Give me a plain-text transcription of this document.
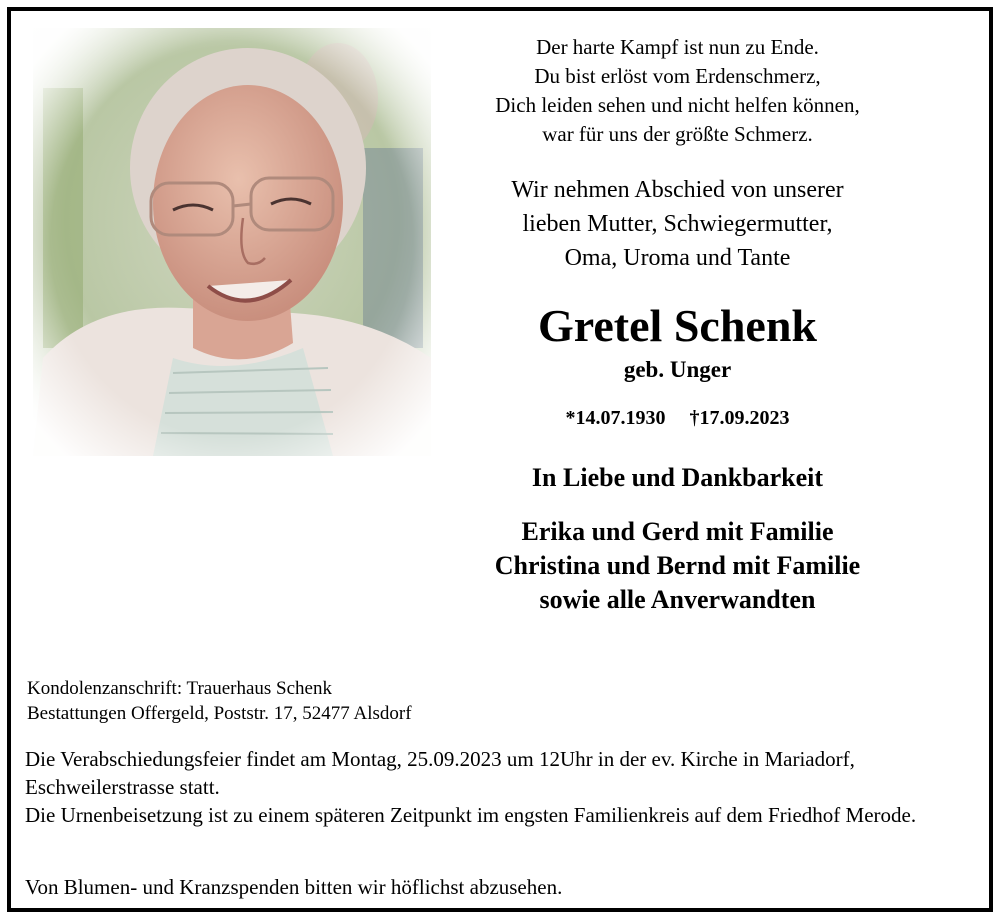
Der harte Kampf ist nun zu Ende.
Du bist erlöst vom Erdenschmerz,
Dich leiden sehen und nicht helfen können,
war für uns der größte Schmerz.
Wir nehmen Abschied von unserer
lieben Mutter, Schwiegermutter,
Oma, Uroma und Tante
Gretel Schenk
geb. Unger
*14.07.1930 †17.09.2023
In Liebe und Dankbarkeit
Erika und Gerd mit Familie
Christina und Bernd mit Familie
sowie alle Anverwandten
Kondolenzanschrift: Trauerhaus Schenk
Bestattungen Offergeld, Poststr. 17, 52477 Alsdorf
Die Verabschiedungsfeier findet am Montag, 25.09.2023 um 12Uhr in der ev. Kirche in Mariadorf, Eschweilerstrasse statt.
Die Urnenbeisetzung ist zu einem späteren Zeitpunkt im engsten Familienkreis auf dem Friedhof Merode.
Von Blumen- und Kranzspenden bitten wir höflichst abzusehen.
